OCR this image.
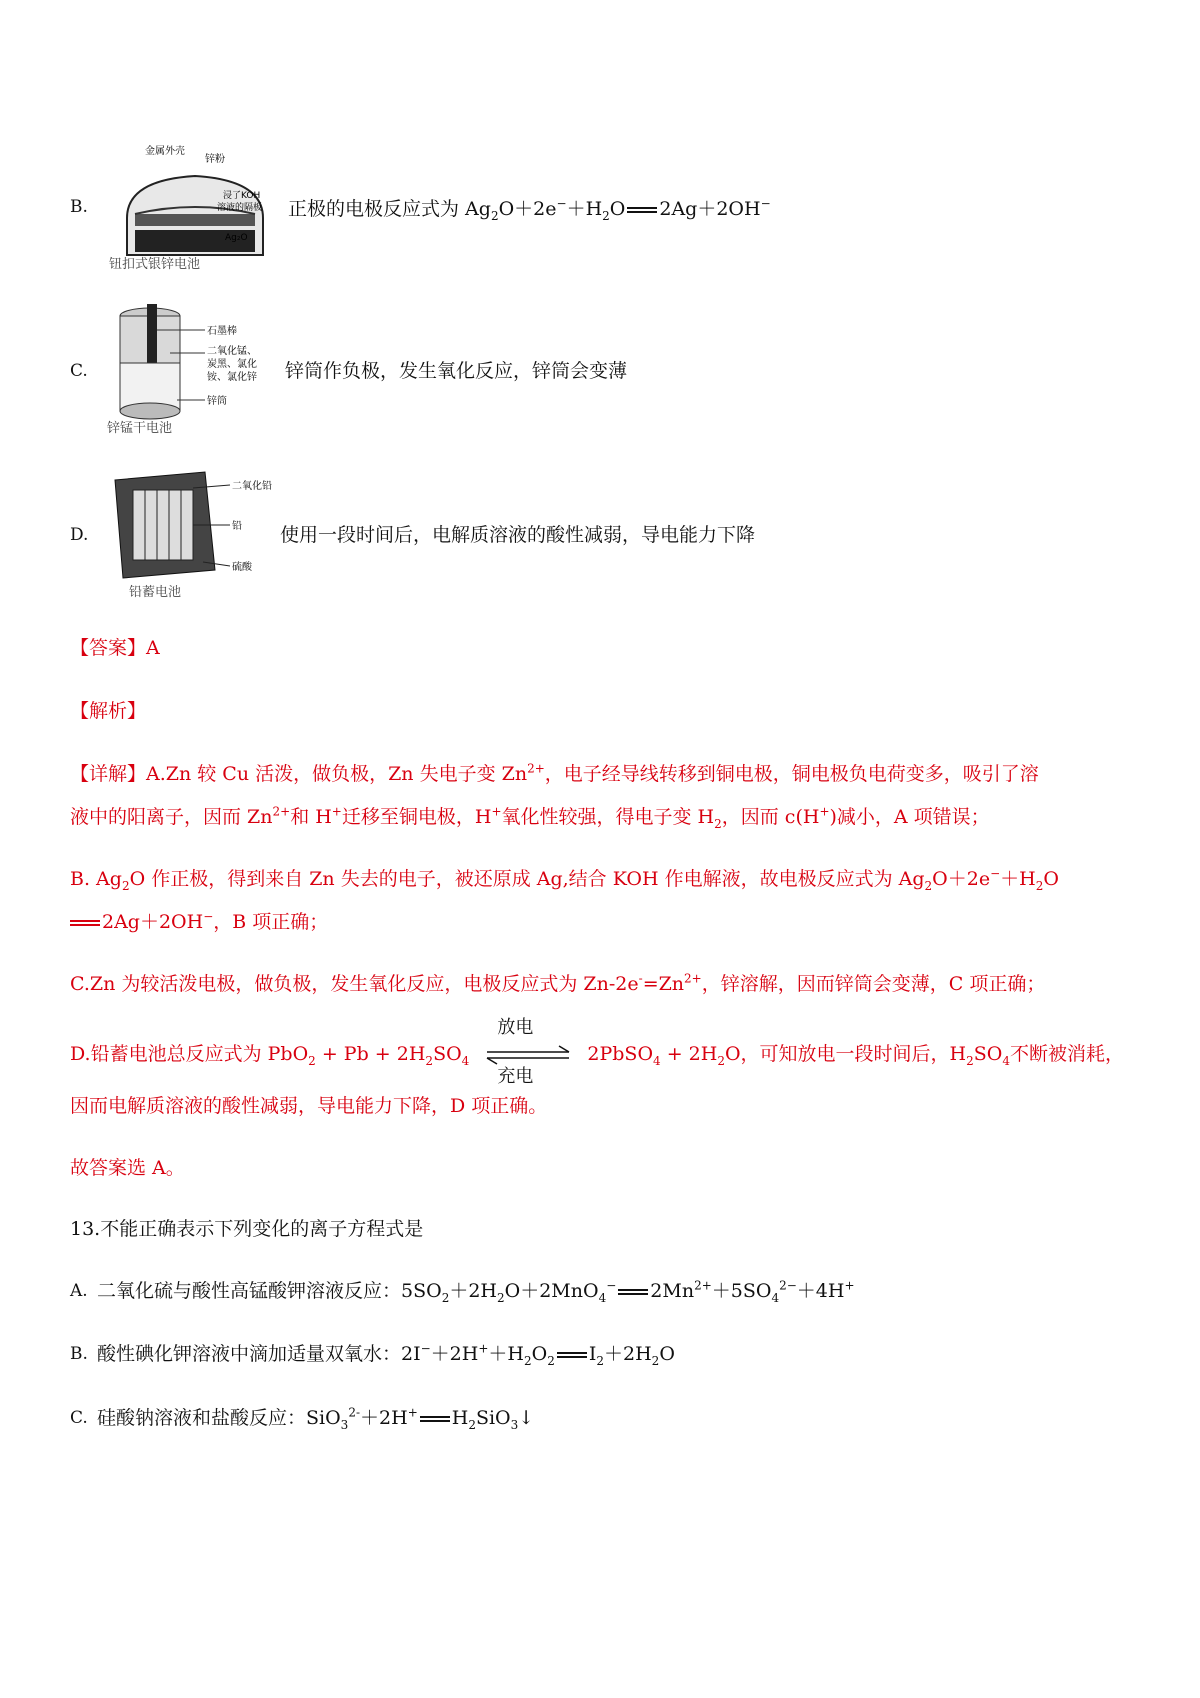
B.
金属外壳
锌粉
浸了KOH
溶液的隔板
Ag₂O
钮扣式银锌电池
正极的电极反应式为 $Ag_2O+2e^-+H_2O$ 2Ag＋2OH−
C.
石墨棒
二氧化锰、
炭黑、氯化
铵、氯化锌
锌筒
锌锰干电池
锌筒作负极，发生氧化反应，锌筒会变薄
D.
二氧化铅
铅
硫酸
铅蓄电池
使用一段时间后，电解质溶液的酸性减弱，导电能力下降
【答案】A
【解析】
【详解】A.Zn 较 Cu 活泼，做负极，Zn 失电子变 $Zn^{2+}$，电子经导线转移到铜电极，铜电极负电荷变多，吸引了溶
液中的阳离子，因而 $Zn^{2+}$和 H+迁移至铜电极，H+氧化性较强，得电子变 $H_2$，因而 c(H+)减小，A 项错误；
B. $Ag_2O$ 作正极，得到来自 Zn 失去的电子，被还原成 Ag,结合 KOH 作电解液，故电极反应式为 $Ag_2O+2e^-+H_2O$
2Ag＋2OH−，B 项正确；
C.Zn 为较活泼电极，做负极，发生氧化反应，电极反应式为 $Zn-2e^-=Zn^{2+}$，锌溶解，因而锌筒会变薄，C 项正确；
D.铅蓄电池总反应式为 $PbO_2 + Pb + 2H_2SO_4$
放电
充电
2PbSO$_4$ + $2H_2O$，可知放电一段时间后，$H_2SO_4$不断被消耗，
因而电解质溶液的酸性减弱，导电能力下降，D 项正确。
故答案选 A。
13.不能正确表示下列变化的离子方程式是
A. 二氧化硫与酸性高锰酸钾溶液反应：$5SO_2+2H_2O+2MnO_4^-$ $2Mn^{2+}+5SO_4^{2-}+4H^+$
B. 酸性碘化钾溶液中滴加适量双氧水：$2I^-+2H^++H_2O_2$ $I_2+2H_2O$
C. 硅酸钠溶液和盐酸反应：SiO$_3^{2-}$＋2H+ $H_2SiO_3↓$
